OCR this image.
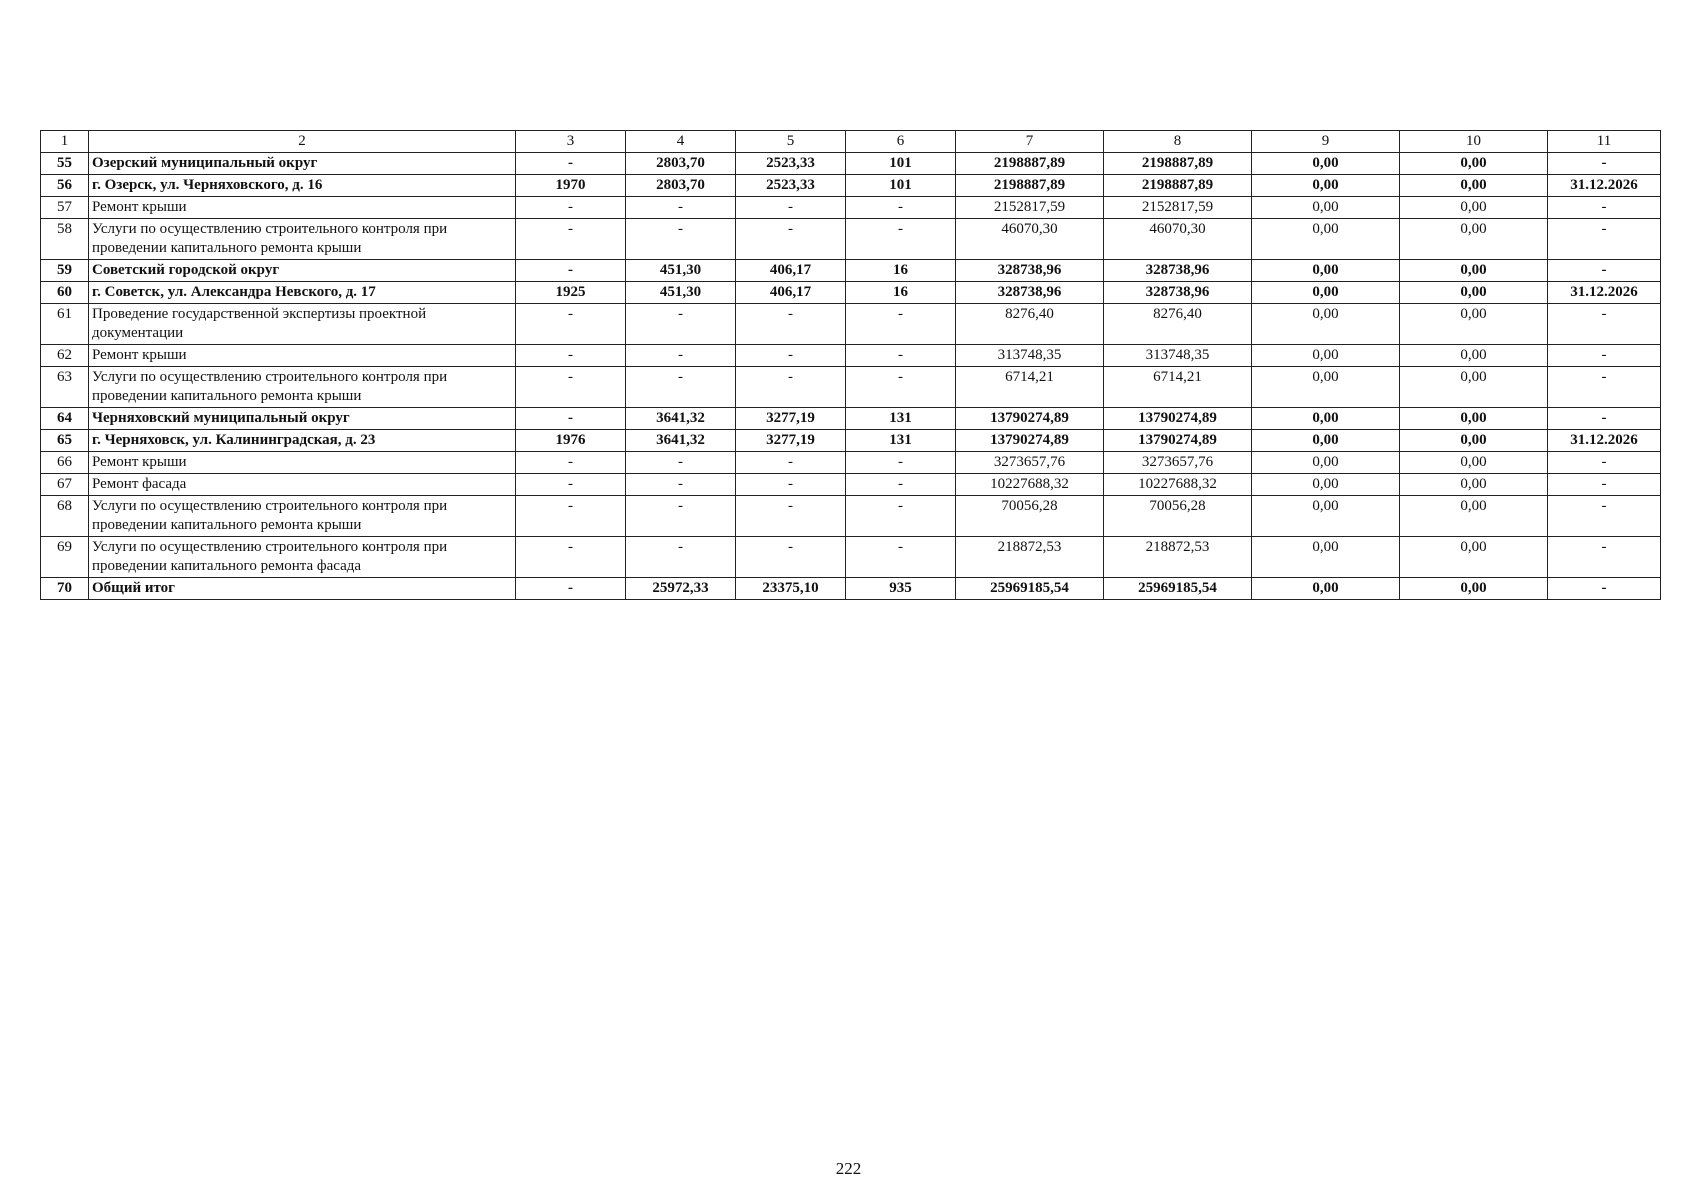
1	2	3	4	5	6	7	8	9	10	11
55	Озерский муниципальный округ	-	2803,70	2523,33	101	2198887,89	2198887,89	0,00	0,00	-
56	г. Озерск, ул. Черняховского, д. 16	1970	2803,70	2523,33	101	2198887,89	2198887,89	0,00	0,00	31.12.2026
57	Ремонт крыши	-	-	-	-	2152817,59	2152817,59	0,00	0,00	-
58	Услуги по осуществлению строительного контроля при проведении капитального ремонта крыши	-	-	-	-	46070,30	46070,30	0,00	0,00	-
59	Советский городской округ	-	451,30	406,17	16	328738,96	328738,96	0,00	0,00	-
60	г. Советск, ул. Александра Невского, д. 17	1925	451,30	406,17	16	328738,96	328738,96	0,00	0,00	31.12.2026
61	Проведение государственной экспертизы проектной документации	-	-	-	-	8276,40	8276,40	0,00	0,00	-
62	Ремонт крыши	-	-	-	-	313748,35	313748,35	0,00	0,00	-
63	Услуги по осуществлению строительного контроля при проведении капитального ремонта крыши	-	-	-	-	6714,21	6714,21	0,00	0,00	-
64	Черняховский муниципальный округ	-	3641,32	3277,19	131	13790274,89	13790274,89	0,00	0,00	-
65	г. Черняховск, ул. Калининградская, д. 23	1976	3641,32	3277,19	131	13790274,89	13790274,89	0,00	0,00	31.12.2026
66	Ремонт крыши	-	-	-	-	3273657,76	3273657,76	0,00	0,00	-
67	Ремонт фасада	-	-	-	-	10227688,32	10227688,32	0,00	0,00	-
68	Услуги по осуществлению строительного контроля при проведении капитального ремонта крыши	-	-	-	-	70056,28	70056,28	0,00	0,00	-
69	Услуги по осуществлению строительного контроля при проведении капитального ремонта фасада	-	-	-	-	218872,53	218872,53	0,00	0,00	-
70	Общий итог	-	25972,33	23375,10	935	25969185,54	25969185,54	0,00	0,00	-
222
